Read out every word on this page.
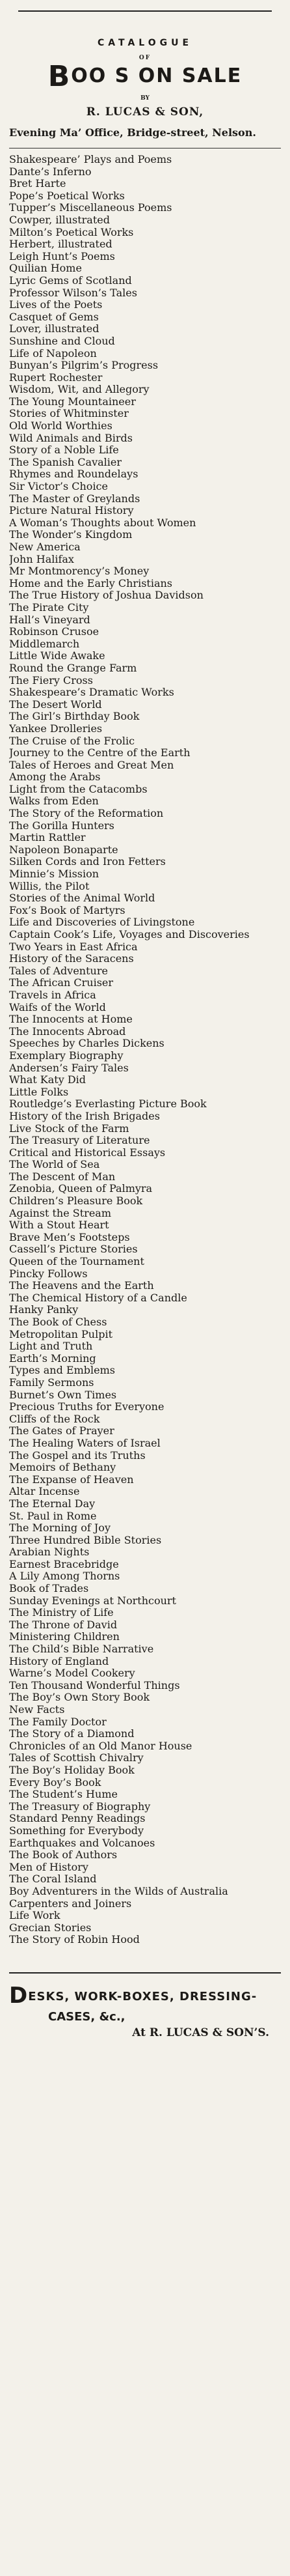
CATALOGUE
OF
BOO S ON SALE
BY
R. LUCAS & SON,
Evening Ma’ Office, Bridge-street, Nelson.
Shakespeare’ Plays and Poems
Dante’s Inferno
Bret Harte
Pope’s Poetical Works
Tupper’s Miscellaneous Poems
Cowper, illustrated
Milton’s Poetical Works
Herbert, illustrated
Leigh Hunt’s Poems
Quilian Home
Lyric Gems of Scotland
Professor Wilson’s Tales
Lives of the Poets
Casquet of Gems
Lover, illustrated
Sunshine and Cloud
Life of Napoleon
Bunyan’s Pilgrim’s Progress
Rupert Rochester
Wisdom, Wit, and Allegory
The Young Mountaineer
Stories of Whitminster
Old World Worthies
Wild Animals and Birds
Story of a Noble Life
The Spanish Cavalier
Rhymes and Roundelays
Sir Victor’s Choice
The Master of Greylands
Picture Natural History
A Woman’s Thoughts about Women
The Wonder’s Kingdom
New America
John Halifax
Mr Montmorency’s Money
Home and the Early Christians
The True History of Joshua Davidson
The Pirate City
Hall’s Vineyard
Robinson Crusoe
Middlemarch
Little Wide Awake
Round the Grange Farm
The Fiery Cross
Shakespeare’s Dramatic Works
The Desert World
The Girl’s Birthday Book
Yankee Drolleries
The Cruise of the Frolic
Journey to the Centre of the Earth
Tales of Heroes and Great Men
Among the Arabs
Light from the Catacombs
Walks from Eden
The Story of the Reformation
The Gorilla Hunters
Martin Rattler
Napoleon Bonaparte
Silken Cords and Iron Fetters
Minnie’s Mission
Willis, the Pilot
Stories of the Animal World
Fox’s Book of Martyrs
Life and Discoveries of Livingstone
Captain Cook’s Life, Voyages and Discoveries
Two Years in East Africa
History of the Saracens
Tales of Adventure
The African Cruiser
Travels in Africa
Waifs of the World
The Innocents at Home
The Innocents Abroad
Speeches by Charles Dickens
Exemplary Biography
Andersen’s Fairy Tales
What Katy Did
Little Folks
Routledge’s Everlasting Picture Book
History of the Irish Brigades
Live Stock of the Farm
The Treasury of Literature
Critical and Historical Essays
The World of Sea
The Descent of Man
Zenobia, Queen of Palmyra
Children’s Pleasure Book
Against the Stream
With a Stout Heart
Brave Men’s Footsteps
Cassell’s Picture Stories
Queen of the Tournament
Pincky Follows
The Heavens and the Earth
The Chemical History of a Candle
Hanky Panky
The Book of Chess
Metropolitan Pulpit
Light and Truth
Earth’s Morning
Types and Emblems
Family Sermons
Burnet’s Own Times
Precious Truths for Everyone
Cliffs of the Rock
The Gates of Prayer
The Healing Waters of Israel
The Gospel and its Truths
Memoirs of Bethany
The Expanse of Heaven
Altar Incense
The Eternal Day
St. Paul in Rome
The Morning of Joy
Three Hundred Bible Stories
Arabian Nights
Earnest Bracebridge
A Lily Among Thorns
Book of Trades
Sunday Evenings at Northcourt
The Ministry of Life
The Throne of David
Ministering Children
The Child’s Bible Narrative
History of England
Warne’s Model Cookery
Ten Thousand Wonderful Things
The Boy’s Own Story Book
New Facts
The Family Doctor
The Story of a Diamond
Chronicles of an Old Manor House
Tales of Scottish Chivalry
The Boy’s Holiday Book
Every Boy’s Book
The Student’s Hume
The Treasury of Biography
Standard Penny Readings
Something for Everybody
Earthquakes and Volcanoes
The Book of Authors
Men of History
The Coral Island
Boy Adventurers in the Wilds of Australia
Carpenters and Joiners
Life Work
Grecian Stories
The Story of Robin Hood
DESKS, WORK-BOXES, DRESSING-
CASES, &c.,
At R. LUCAS & SON’S.
